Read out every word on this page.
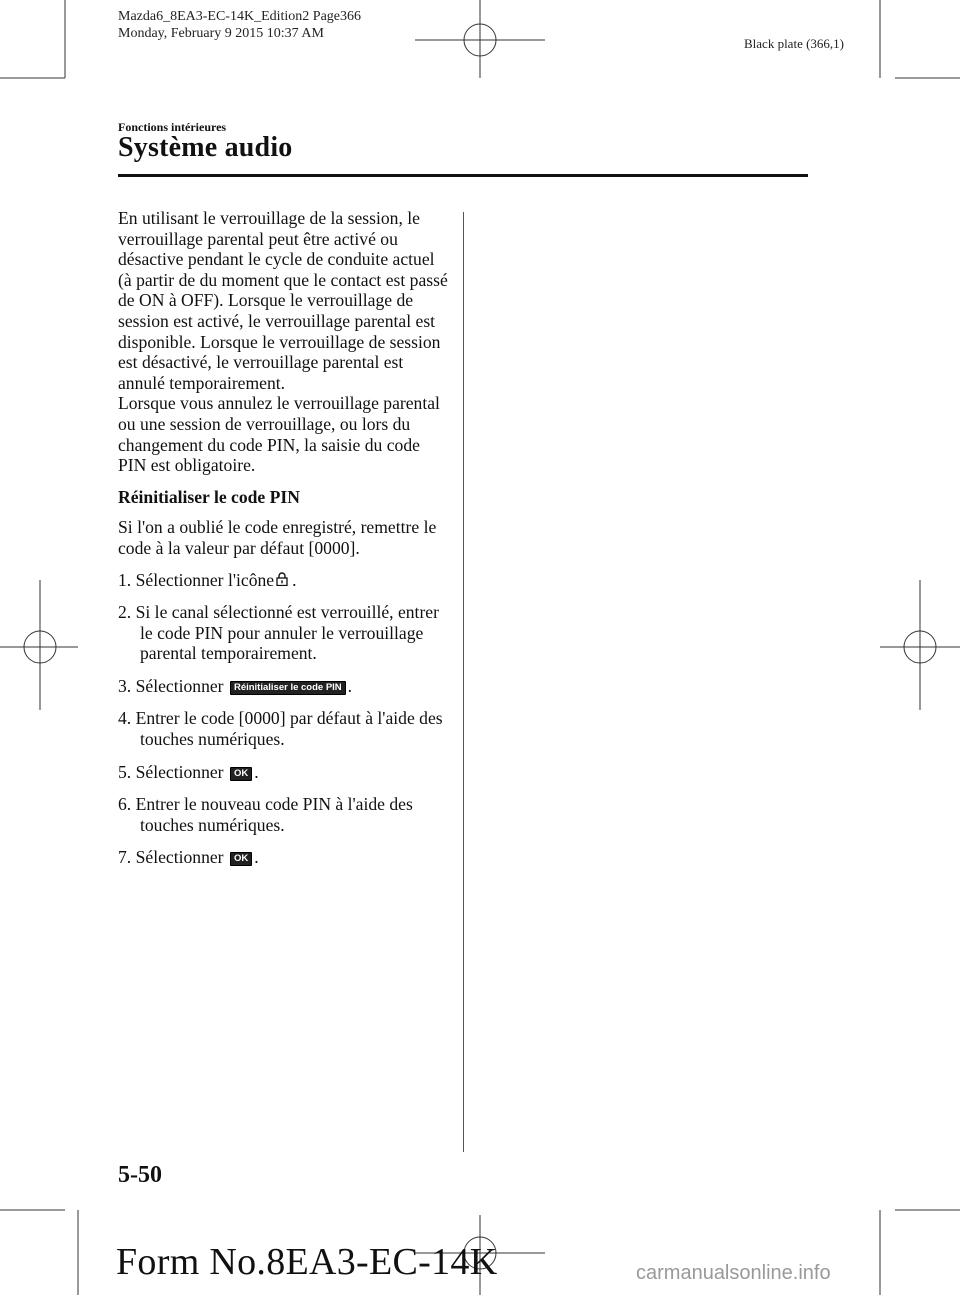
Mazda6_8EA3-EC-14K_Edition2 Page366
Monday, February 9 2015 10:37 AM
Black plate (366,1)
Fonctions intérieures
Système audio

En utilisant le verrouillage de la session, le verrouillage parental peut être activé ou désactive pendant le cycle de conduite actuel (à partir de du moment que le contact est passé de ON à OFF). Lorsque le verrouillage de session est activé, le verrouillage parental est disponible. Lorsque le verrouillage de session est désactivé, le verrouillage parental est annulé temporairement.

Lorsque vous annulez le verrouillage parental ou une session de verrouillage, ou lors du changement du code PIN, la saisie du code PIN est obligatoire.

Réinitialiser le code PIN

Si l'on a oublié le code enregistré, remettre le code à la valeur par défaut [0000].

1. Sélectionner l'icône .
2. Si le canal sélectionné est verrouillé, entrer le code PIN pour annuler le verrouillage parental temporairement.
3. Sélectionner Réinitialiser le code PIN .
4. Entrer le code [0000] par défaut à l'aide des touches numériques.
5. Sélectionner OK .
6. Entrer le nouveau code PIN à l'aide des touches numériques.
7. Sélectionner OK .
5-50
Form No.8EA3-EC-14K	carmanualsonline.info
